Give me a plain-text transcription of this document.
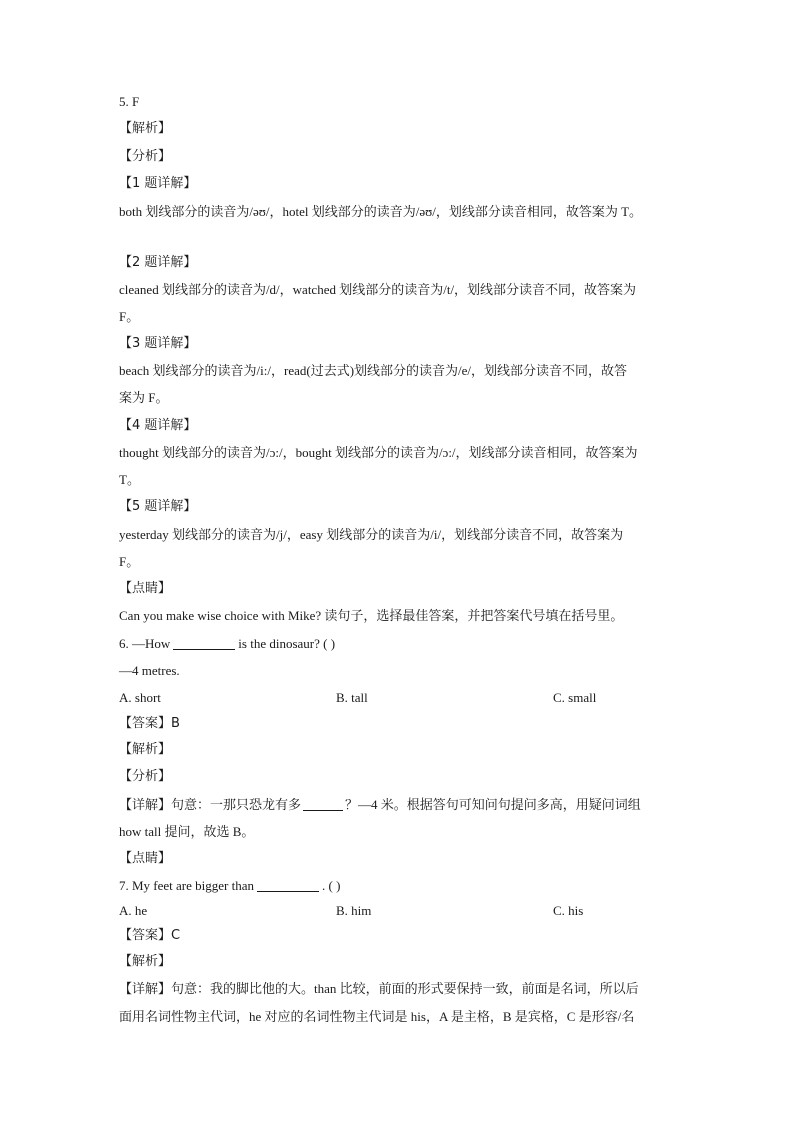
5. F
【解析】
【分析】
【1 题详解】
both 划线部分的读音为/əʊ/，hotel 划线部分的读音为/əʊ/，划线部分读音相同，故答案为 T。
【2 题详解】
cleaned 划线部分的读音为/d/，watched 划线部分的读音为/t/，划线部分读音不同，故答案为
F。
【3 题详解】
beach 划线部分的读音为/i:/，read(过去式)划线部分的读音为/e/，划线部分读音不同，故答
案为 F。
【4 题详解】
thought 划线部分的读音为/ɔ:/，bought 划线部分的读音为/ɔ:/，划线部分读音相同，故答案为
T。
【5 题详解】
yesterday 划线部分的读音为/j/，easy 划线部分的读音为/i/，划线部分读音不同，故答案为
F。
【点睛】
Can you make wise choice with Mike? 读句子，选择最佳答案，并把答案代号填在括号里。
6. —How	is the dinosaur? ( )
—4 metres.
A. short	B. tall	C. small
【答案】B
【解析】
【分析】
【详解】句意：一那只恐龙有多	？—4 米。根据答句可知问句提问多高，用疑问词组
how tall 提问，故选 B。
【点睛】
7. My feet are bigger than	. ( )
A. he	B. him	C. his
【答案】C
【解析】
【详解】句意：我的脚比他的大。than 比较，前面的形式要保持一致，前面是名词，所以后
面用名词性物主代词，he 对应的名词性物主代词是 his，A 是主格，B 是宾格，C 是形容/名
